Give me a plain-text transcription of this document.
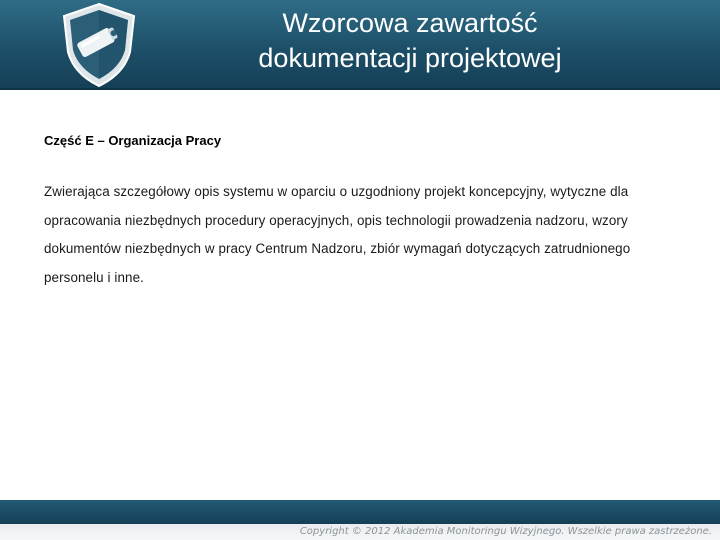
Wzorcowa zawartość
dokumentacji projektowej
Część E – Organizacja Pracy
Zwierająca szczegółowy opis systemu w oparciu o uzgodniony projekt koncepcyjny, wytyczne dla opracowania niezbędnych procedury operacyjnych, opis technologii prowadzenia nadzoru, wzory dokumentów niezbędnych w pracy Centrum Nadzoru, zbiór wymagań dotyczących zatrudnionego personelu i inne.
Copyright © 2012 Akademia Monitoringu Wizyjnego. Wszelkie prawa zastrzeżone.
